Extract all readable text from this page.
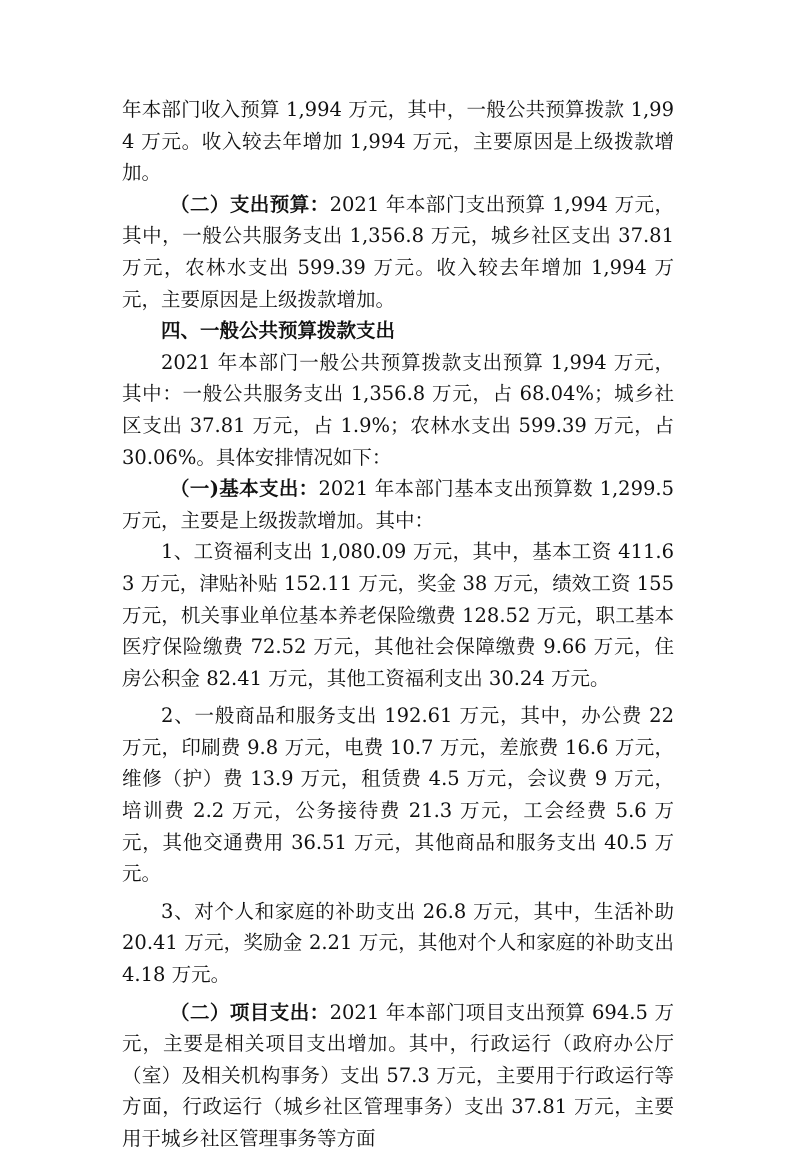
年本部门收入预算 1,994 万元，其中，一般公共预算拨款 1,994 万元。收入较去年增加 1,994 万元，主要原因是上级拨款增加。

（二）支出预算：2021 年本部门支出预算 1,994 万元，其中，一般公共服务支出 1,356.8 万元，城乡社区支出 37.81 万元，农林水支出 599.39 万元。收入较去年增加 1,994 万元，主要原因是上级拨款增加。

四、一般公共预算拨款支出

2021 年本部门一般公共预算拨款支出预算 1,994 万元，其中：一般公共服务支出 1,356.8 万元，占 68.04%；城乡社区支出 37.81 万元，占 1.9%；农林水支出 599.39 万元，占 30.06%。具体安排情况如下：

（一)基本支出：2021 年本部门基本支出预算数 1,299.5 万元，主要是上级拨款增加。其中：

1、工资福利支出 1,080.09 万元，其中，基本工资 411.63 万元，津贴补贴 152.11 万元，奖金 38 万元，绩效工资 155 万元，机关事业单位基本养老保险缴费 128.52 万元，职工基本医疗保险缴费 72.52 万元，其他社会保障缴费 9.66 万元，住房公积金 82.41 万元，其他工资福利支出 30.24 万元。

2、一般商品和服务支出 192.61 万元，其中，办公费 22 万元，印刷费 9.8 万元，电费 10.7 万元，差旅费 16.6 万元，维修（护）费 13.9 万元，租赁费 4.5 万元，会议费 9 万元，培训费 2.2 万元，公务接待费 21.3 万元，工会经费 5.6 万元，其他交通费用 36.51 万元，其他商品和服务支出 40.5 万元。

3、对个人和家庭的补助支出 26.8 万元，其中，生活补助 20.41 万元，奖励金 2.21 万元，其他对个人和家庭的补助支出 4.18 万元。

（二）项目支出：2021 年本部门项目支出预算 694.5 万元，主要是相关项目支出增加。其中，行政运行（政府办公厅（室）及相关机构事务）支出 57.3 万元，主要用于行政运行等方面，行政运行（城乡社区管理事务）支出 37.81 万元，主要用于城乡社区管理事务等方面
